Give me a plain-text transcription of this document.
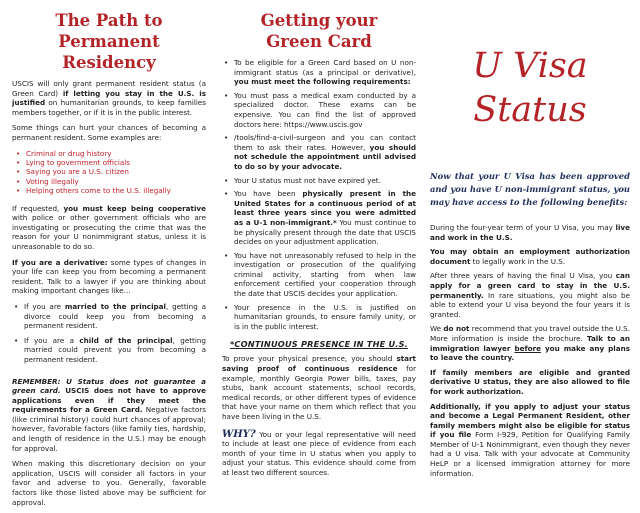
The Path to
Permanent Residency

USCIS will only grant permanent resident status (a Green Card) if letting you stay in the U.S. is justified on humanitarian grounds, to keep families members together, or if it is in the public interest.

Some things can hurt your chances of becoming a permanent resident. Some examples are:

• Criminal or drug history
• Lying to government officials
• Saying you are a U.S. citizen
• Voting illegally
• Helping others come to the U.S. illegally

If requested, you must keep being cooperative with police or other government officials who are investigating or prosecuting the crime that was the reason for your U nonimmigrant status, unless it is unreasonable to do so.

If you are a derivative: some types of changes in your life can keep you from becoming a permanent resident. Talk to a lawyer if you are thinking about making important changes like…

• If you are married to the principal, getting a divorce could keep you from becoming a permanent resident.
• If you are a child of the principal, getting married could prevent you from becoming a permanent resident.

REMEMBER: U Status does not guarantee a green card. USCIS does not have to approve applications even if they meet the requirements for a Green Card. Negative factors (like criminal history) could hurt chances of approval; however, favorable factors (like family ties, hardship, and length of residence in the U.S.) may be enough for approval.

When making this discretionary decision on your application, USCIS will consider all factors in your favor and adverse to you. Generally, favorable factors like those listed above may be sufficient for approval.

Getting your
Green Card
• To be eligible for a Green Card based on U non-immigrant status (as a principal or derivative), you must meet the following requirements:
• You must pass a medical exam conducted by a specialized doctor. These exams can be expensive. You can find the list of approved doctors here: https://www.uscis.gov
• /tools/find-a-civil-surgeon and you can contact them to ask their rates. However, you should not schedule the appointment until advised to do so by your advocate.
• Your U status must not have expired yet.
• You have been physically present in the United States for a continuous period of at least three years since you were admitted as a U-1 non-immigrant.* You must continue to be physically present through the date that USCIS decides on your adjustment application.
• You have not unreasonably refused to help in the investigation or prosecution of the qualifying criminal activity, starting from when law enforcement certified your cooperation through the date that USCIS decides your application.
• Your presence in the U.S. is justified on humanitarian grounds, to ensure family unity, or is in the public interest.
*CONTINUOUS PRESENCE IN THE U.S.

To prove your physical presence, you should start saving proof of continuous residence for example, monthly Georgia Power bills, taxes, pay stubs, bank account statements, school records, medical records, or other different types of evidence that have your name on them which reflect that you have been living in the U.S.

WHY? You or your legal representative will need to include at least one piece of evidence from each month of your time in U status when you apply to adjust your status. This evidence should come from at least two different sources.

U Visa
Status
Now that your U Visa has been approved and you have U non-immigrant status, you may have access to the following benefits:

During the four-year term of your U Visa, you may live and work in the U.S.

You may obtain an employment authorization document to legally work in the U.S.

After three years of having the final U Visa, you can apply for a green card to stay in the U.S. permanently. In rare situations, you might also be able to extend your U visa beyond the four years it is granted.

We do not recommend that you travel outside the U.S. More information is inside the brochure. Talk to an immigration lawyer before you make any plans to leave the country.

If family members are eligible and granted derivative U status, they are also allowed to file for work authorization.

Additionally, if you apply to adjust your status and become a Legal Permanent Resident, other family members might also be eligible for status if you file Form I-929, Petition for Qualifying Family Member of U-1 Nonimmigrant, even though they never had a U visa. Talk with your advocate at Community HeLP or a licensed immigration attorney for more information.
